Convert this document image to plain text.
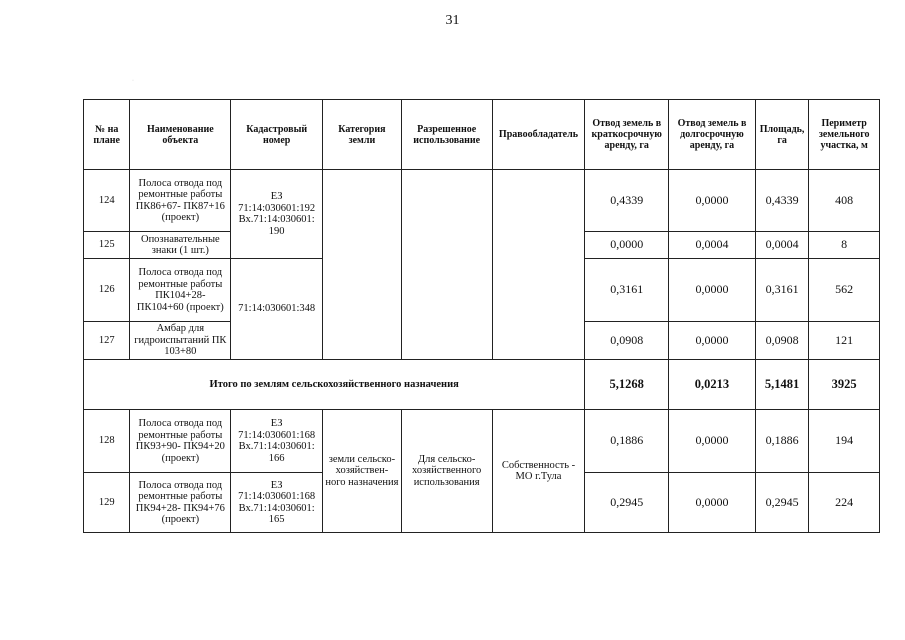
31
·
№ на плане	Наименование объекта	Кадастровый номер	Категория земли	Разрешенное использование	Правообладатель	Отвод земель в краткосрочную аренду, га	Отвод земель в долгосрочную аренду, га	Площадь, га	Периметр земельного участка, м
124	Полоса отвода под ремонтные работы ПК86+67- ПК87+16 (проект)	ЕЗ 71:14:030601:192 Вх.71:14:030601: 190				0,4339	0,0000	0,4339	408
125	Опознавательные знаки (1 шт.)					0,0000	0,0004	0,0004	8
126	Полоса отвода под ремонтные работы ПК104+28- ПК104+60 (проект)	71:14:030601:348				0,3161	0,0000	0,3161	562
127	Амбар для гидроиспытаний ПК 103+80					0,0908	0,0000	0,0908	121
Итого по землям сельскохозяйственного назначения						5,1268	0,0213	5,1481	3925
128	Полоса отвода под ремонтные работы ПК93+90- ПК94+20 (проект)	ЕЗ 71:14:030601:168 Вх.71:14:030601: 166	земли сельско- хозяйствен- ного назначения	Для сельско- хозяйственного использования	Собственность - МО г.Тула	0,1886	0,0000	0,1886	194
129	Полоса отвода под ремонтные работы ПК94+28- ПК94+76 (проект)	ЕЗ 71:14:030601:168 Вх.71:14:030601: 165				0,2945	0,0000	0,2945	224
